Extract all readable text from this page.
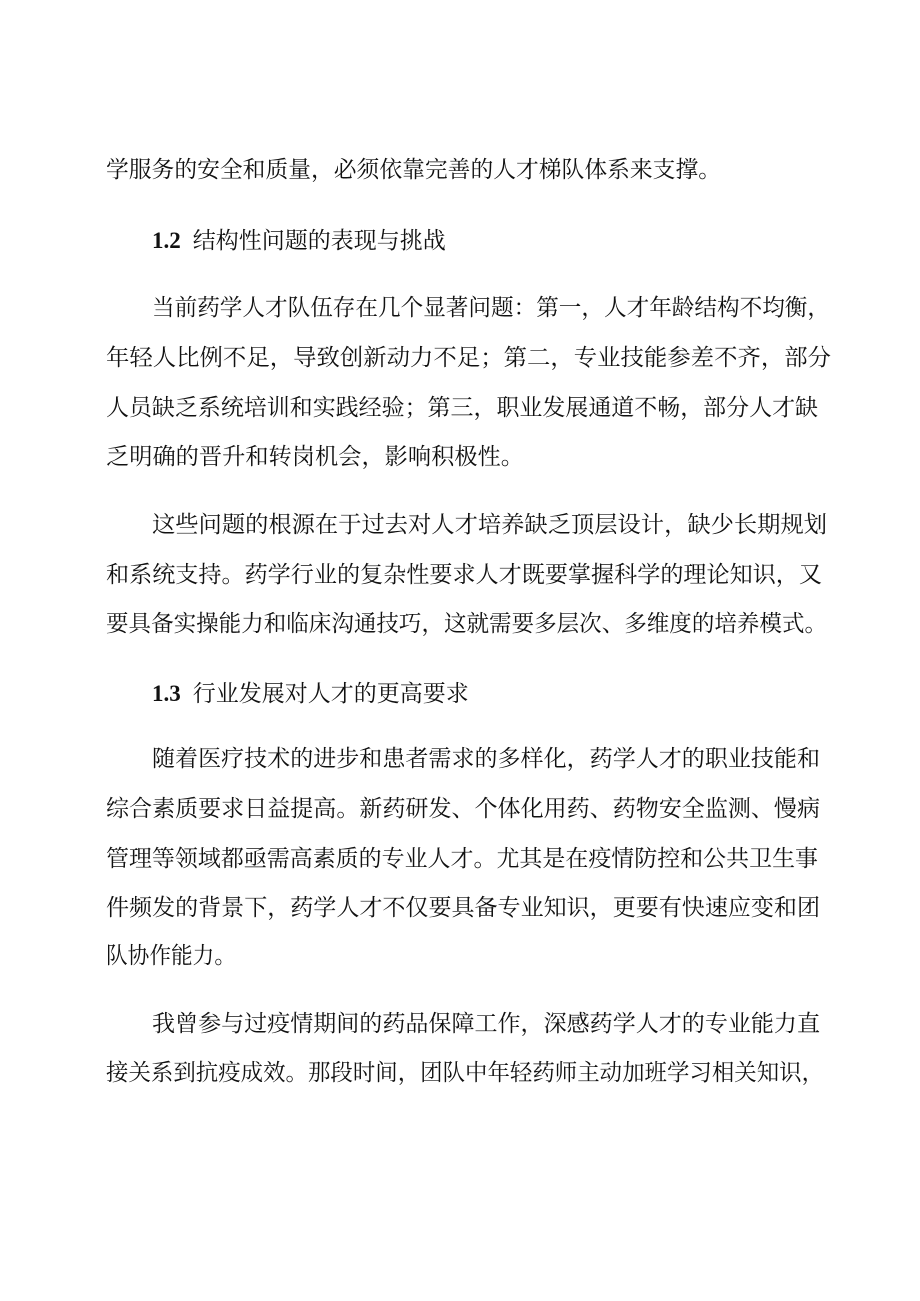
学服务的安全和质量，必须依靠完善的人才梯队体系来支撑。
1.2 结构性问题的表现与挑战
当前药学人才队伍存在几个显著问题：第一，人才年龄结构不均衡，
年轻人比例不足，导致创新动力不足；第二，专业技能参差不齐，部分
人员缺乏系统培训和实践经验；第三，职业发展通道不畅，部分人才缺
乏明确的晋升和转岗机会，影响积极性。
这些问题的根源在于过去对人才培养缺乏顶层设计，缺少长期规划
和系统支持。药学行业的复杂性要求人才既要掌握科学的理论知识，又
要具备实操能力和临床沟通技巧，这就需要多层次、多维度的培养模式。
1.3 行业发展对人才的更高要求
随着医疗技术的进步和患者需求的多样化，药学人才的职业技能和
综合素质要求日益提高。新药研发、个体化用药、药物安全监测、慢病
管理等领域都亟需高素质的专业人才。尤其是在疫情防控和公共卫生事
件频发的背景下，药学人才不仅要具备专业知识，更要有快速应变和团
队协作能力。
我曾参与过疫情期间的药品保障工作，深感药学人才的专业能力直
接关系到抗疫成效。那段时间，团队中年轻药师主动加班学习相关知识，
